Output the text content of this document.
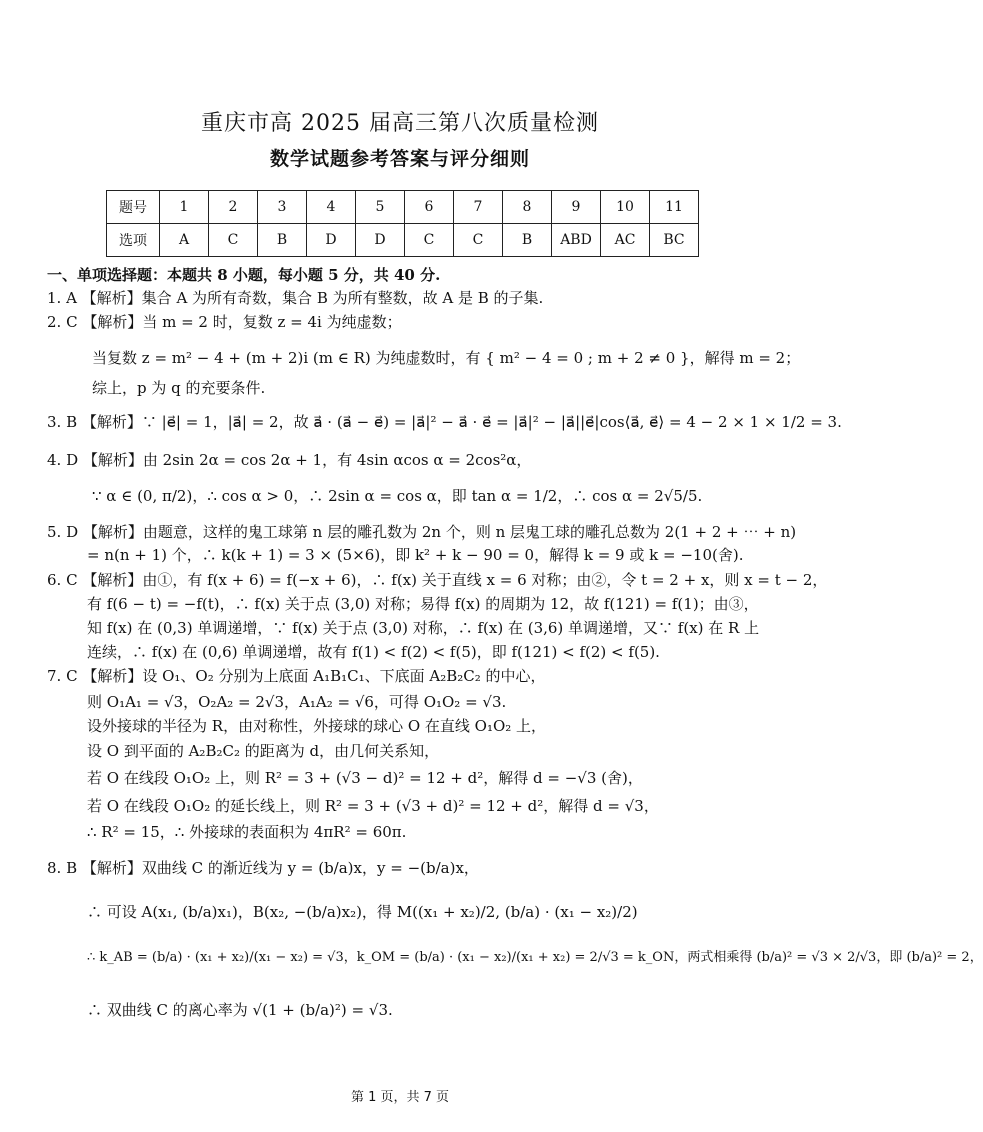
重庆市高 2025 届高三第八次质量检测
数学试题参考答案与评分细则
题号	1	2	3	4	5	6	7	8	9	10	11
选项	A	C	B	D	D	C	C	B	ABD	AC	BC
一、单项选择题：本题共 8 小题，每小题 5 分，共 40 分.
1. A 【解析】集合 A 为所有奇数，集合 B 为所有整数，故 A 是 B 的子集.
2. C 【解析】当 m = 2 时，复数 z = 4i 为纯虚数；
当复数 z = m² − 4 + (m + 2)i (m ∈ R) 为纯虚数时，有 { m² − 4 = 0 ; m + 2 ≠ 0 }，解得 m = 2；
综上，p 为 q 的充要条件.
3. B 【解析】∵ |e⃗| = 1，|a⃗| = 2，故 a⃗ · (a⃗ − e⃗) = |a⃗|² − a⃗ · e⃗ = |a⃗|² − |a⃗||e⃗|cos⟨a⃗, e⃗⟩ = 4 − 2 × 1 × 1/2 = 3.
4. D 【解析】由 2sin 2α = cos 2α + 1，有 4sin αcos α = 2cos²α，
∵ α ∈ (0, π/2)，∴ cos α > 0，∴ 2sin α = cos α，即 tan α = 1/2，∴ cos α = 2√5/5.
5. D 【解析】由题意，这样的鬼工球第 n 层的雕孔数为 2n 个，则 n 层鬼工球的雕孔总数为 2(1 + 2 + ⋯ + n)
= n(n + 1) 个，∴ k(k + 1) = 3 × (5×6)，即 k² + k − 90 = 0，解得 k = 9 或 k = −10(舍).
6. C 【解析】由①，有 f(x + 6) = f(−x + 6)，∴ f(x) 关于直线 x = 6 对称；由②，令 t = 2 + x，则 x = t − 2，
有 f(6 − t) = −f(t)，∴ f(x) 关于点 (3,0) 对称；易得 f(x) 的周期为 12，故 f(121) = f(1)；由③，
知 f(x) 在 (0,3) 单调递增，∵ f(x) 关于点 (3,0) 对称，∴ f(x) 在 (3,6) 单调递增，又∵ f(x) 在 R 上
连续，∴ f(x) 在 (0,6) 单调递增，故有 f(1) < f(2) < f(5)，即 f(121) < f(2) < f(5).
7. C 【解析】设 O₁、O₂ 分别为上底面 A₁B₁C₁、下底面 A₂B₂C₂ 的中心，
则 O₁A₁ = √3，O₂A₂ = 2√3，A₁A₂ = √6，可得 O₁O₂ = √3.
设外接球的半径为 R，由对称性，外接球的球心 O 在直线 O₁O₂ 上，
设 O 到平面的 A₂B₂C₂ 的距离为 d，由几何关系知，
若 O 在线段 O₁O₂ 上，则 R² = 3 + (√3 − d)² = 12 + d²，解得 d = −√3 (舍)，
若 O 在线段 O₁O₂ 的延长线上，则 R² = 3 + (√3 + d)² = 12 + d²，解得 d = √3，
∴ R² = 15，∴ 外接球的表面积为 4πR² = 60π.
8. B 【解析】双曲线 C 的渐近线为 y = (b/a)x，y = −(b/a)x，
∴ 可设 A(x₁, (b/a)x₁)，B(x₂, −(b/a)x₂)，得 M((x₁ + x₂)/2, (b/a) · (x₁ − x₂)/2)
∴ k_AB = (b/a) · (x₁ + x₂)/(x₁ − x₂) = √3，k_OM = (b/a) · (x₁ − x₂)/(x₁ + x₂) = 2/√3 = k_ON，两式相乘得 (b/a)² = √3 × 2/√3，即 (b/a)² = 2，
∴ 双曲线 C 的离心率为 √(1 + (b/a)²) = √3.
第 1 页，共 7 页
